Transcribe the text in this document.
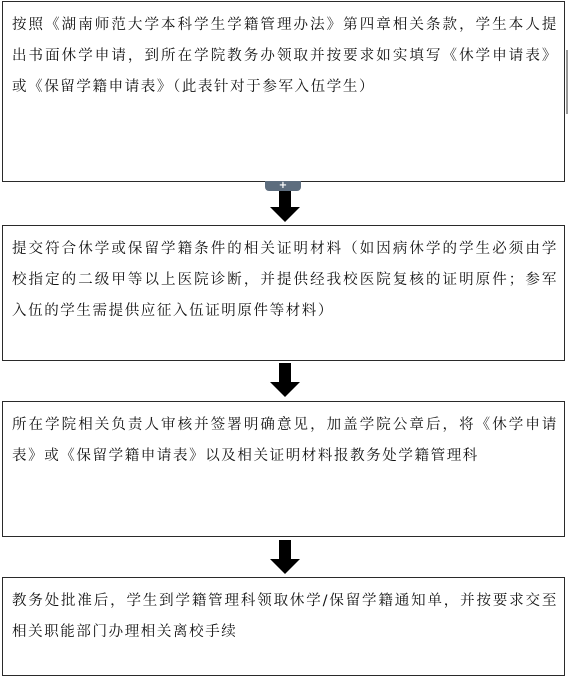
按照《湖南师范大学本科学生学籍管理办法》第四章相关条款，学生本人提出书面休学申请，到所在学院教务办领取并按要求如实填写《休学申请表》或《保留学籍申请表》（此表针对于参军入伍学生）

+

提交符合休学或保留学籍条件的相关证明材料（如因病休学的学生必须由学校指定的二级甲等以上医院诊断，并提供经我校医院复核的证明原件；参军入伍的学生需提供应征入伍证明原件等材料）

所在学院相关负责人审核并签署明确意见，加盖学院公章后，将《休学申请表》或《保留学籍申请表》以及相关证明材料报教务处学籍管理科

教务处批准后，学生到学籍管理科领取休学/保留学籍通知单，并按要求交至相关职能部门办理相关离校手续
